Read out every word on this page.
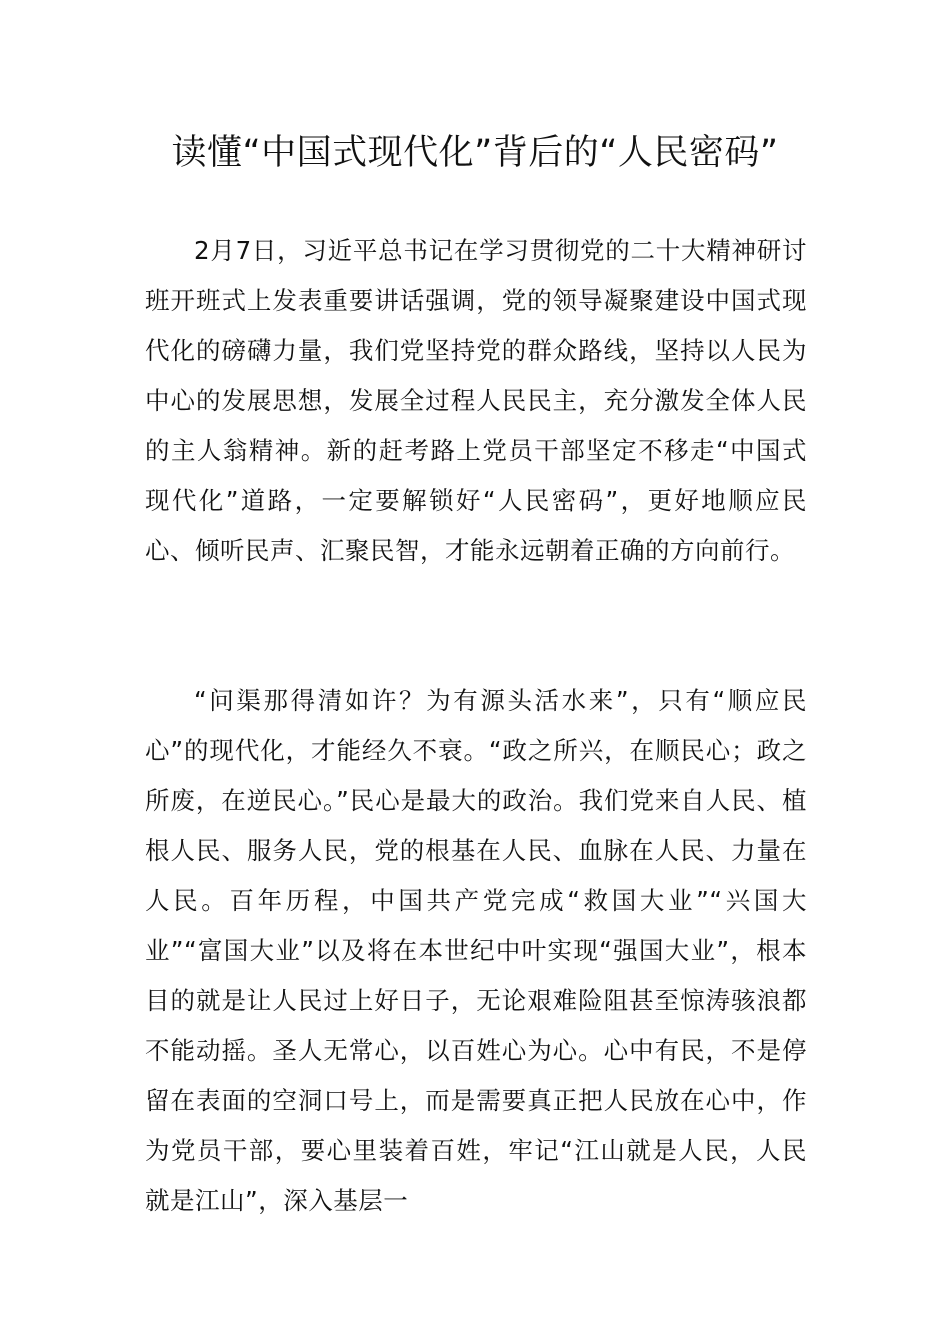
读懂“中国式现代化”背后的“人民密码”

2月7日，习近平总书记在学习贯彻党的二十大精神研讨班开班式上发表重要讲话强调，党的领导凝聚建设中国式现代化的磅礴力量，我们党坚持党的群众路线，坚持以人民为中心的发展思想，发展全过程人民民主，充分激发全体人民的主人翁精神。新的赶考路上党员干部坚定不移走“中国式现代化”道路，一定要解锁好“人民密码”，更好地顺应民心、倾听民声、汇聚民智，才能永远朝着正确的方向前行。

“问渠那得清如许？为有源头活水来”，只有“顺应民心”的现代化，才能经久不衰。“政之所兴，在顺民心；政之所废，在逆民心。”民心是最大的政治。我们党来自人民、植根人民、服务人民，党的根基在人民、血脉在人民、力量在人民。百年历程，中国共产党完成“救国大业”“兴国大业”“富国大业”以及将在本世纪中叶实现“强国大业”，根本目的就是让人民过上好日子，无论艰难险阻甚至惊涛骇浪都不能动摇。圣人无常心，以百姓心为心。心中有民，不是停留在表面的空洞口号上，而是需要真正把人民放在心中，作为党员干部，要心里装着百姓，牢记“江山就是人民，人民就是江山”，深入基层一
